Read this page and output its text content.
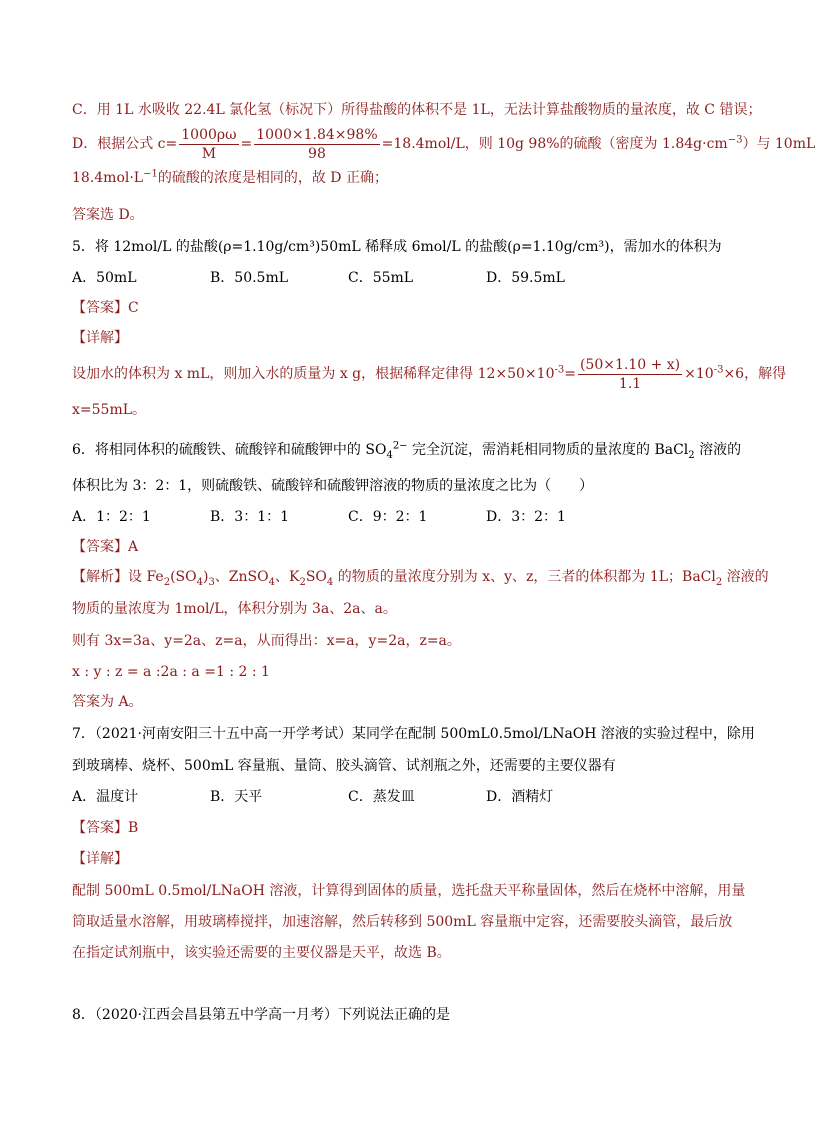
C．用 1L 水吸收 22.4L 氯化氢（标况下）所得盐酸的体积不是 1L，无法计算盐酸物质的量浓度，故 C 错误；
D．根据公式 $c= \frac{1000\rho\omega}{M} = \frac{1000\times 1.84\times 98\%}{98} =18.4mol/L$，则 10g 98%的硫酸（密度为 $1.84g\cdot cm^{-3}$）与 10mL
$18.4mol\cdot L^{-1}$的硫酸的浓度是相同的，故 D 正确；
答案选 D。
5．将 12mol/L 的盐酸(ρ=1.10g/cm³)50mL 稀释成 6mol/L 的盐酸(ρ=1.10g/cm³)，需加水的体积为
A．50mL	B．50.5mL	C．55mL	D．59.5mL
【答案】C
【详解】
设加水的体积为 x mL，则加入水的质量为 x g，根据稀释定律得 $12\times 50\times 10^{-3}= \frac{(50\times 1.10 + x)}{1.1} \times 10^{-3}\times 6$，解得
x=55mL。
6．将相同体积的硫酸铁、硫酸锌和硫酸钾中的 $SO_4^{2-}$ 完全沉淀，需消耗相同物质的量浓度的 BaCl$_2$ 溶液的
体积比为 3：2：1，则硫酸铁、硫酸锌和硫酸钾溶液的物质的量浓度之比为（　　）
A．1：2：1	B．3：1：1	C．9：2：1	D．3：2：1
【答案】A
【解析】设 $Fe_2(SO_4)_3$、ZnSO$_4$、$K_2SO_4$ 的物质的量浓度分别为 x、y、z，三者的体积都为 1L；BaCl$_2$ 溶液的
物质的量浓度为 1mol/L，体积分别为 3a、2a、a。
则有 3x=3a、y=2a、z=a，从而得出：x=a，y=2a，z=a。
x : y : z = a :2a : a =1 : 2 : 1
答案为 A。
7．（2021·河南安阳三十五中高一开学考试）某同学在配制 500mL0.5mol/LNaOH 溶液的实验过程中，除用
到玻璃棒、烧杯、500mL 容量瓶、量筒、胶头滴管、试剂瓶之外，还需要的主要仪器有
A．温度计	B．天平	C．蒸发皿	D．酒精灯
【答案】B
【详解】
配制 500mL 0.5mol/LNaOH 溶液，计算得到固体的质量，选托盘天平称量固体，然后在烧杯中溶解，用量
筒取适量水溶解，用玻璃棒搅拌，加速溶解，然后转移到 500mL 容量瓶中定容，还需要胶头滴管，最后放
在指定试剂瓶中，该实验还需要的主要仪器是天平，故选 B。
8．（2020·江西会昌县第五中学高一月考）下列说法正确的是
